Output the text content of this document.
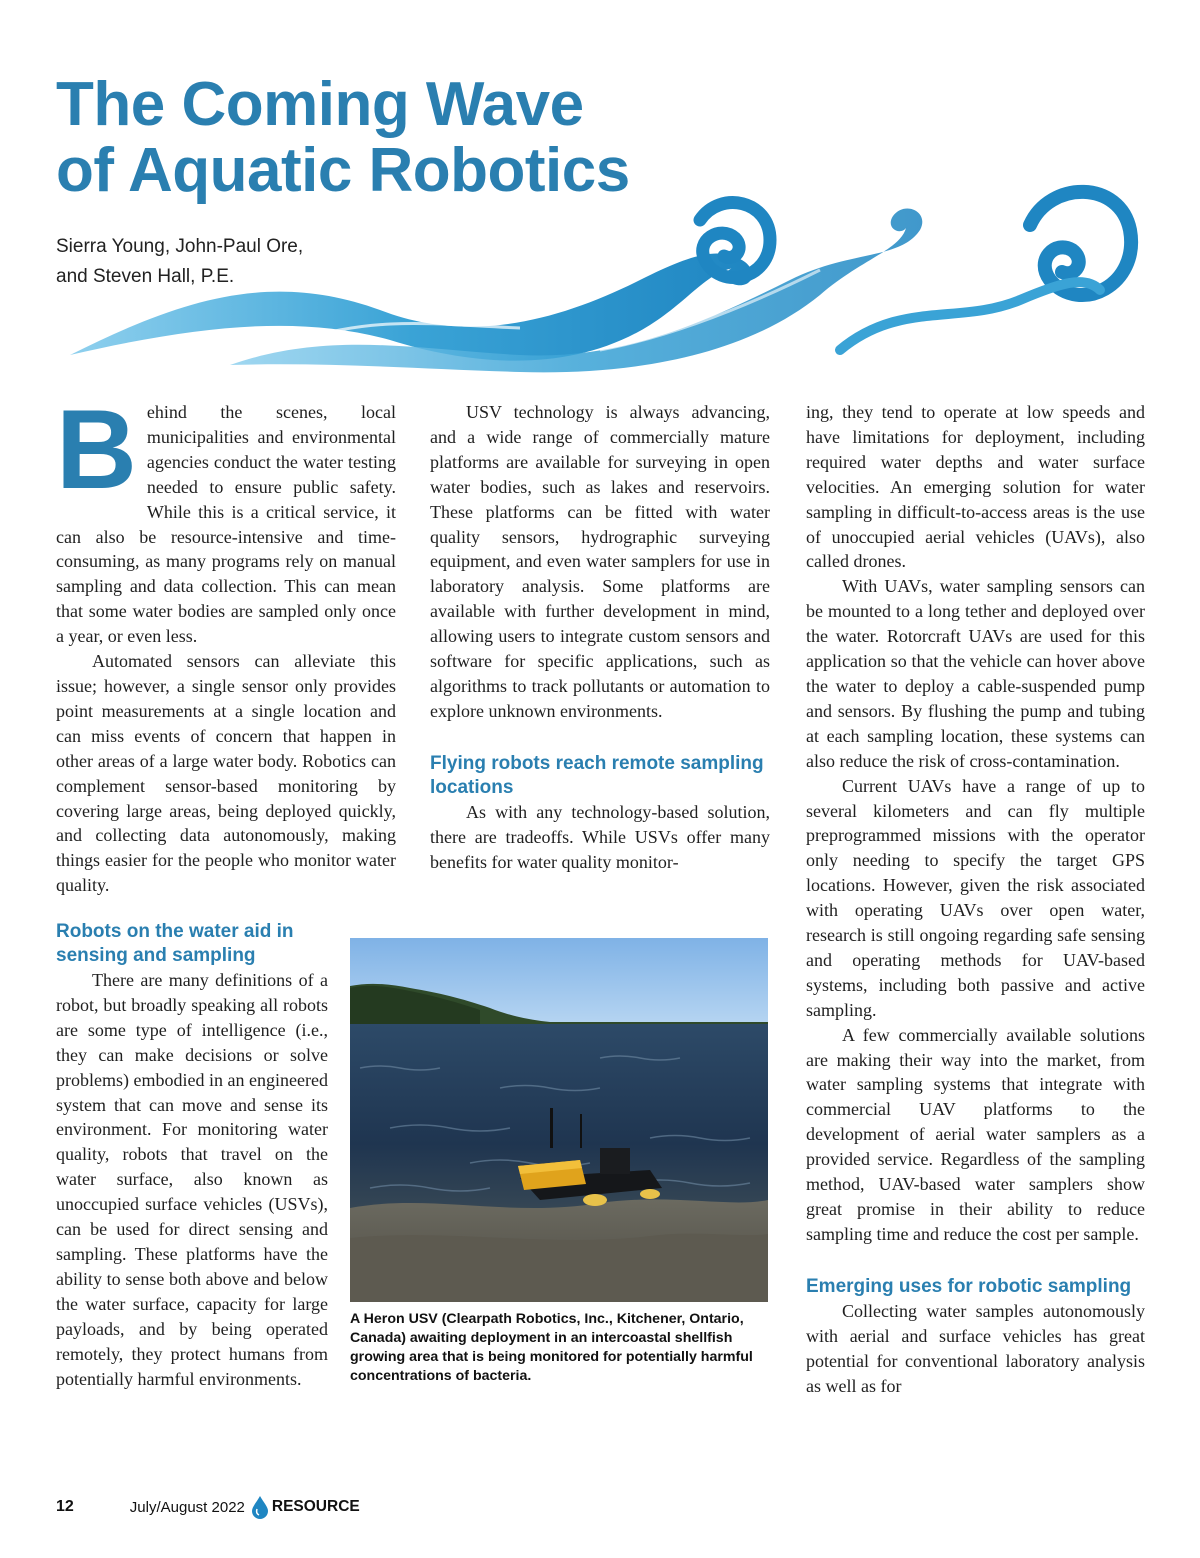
The Coming Wave
of Aquatic Robotics
Sierra Young, John-Paul Ore,
and Steven Hall, P.E.
B ehind the scenes, local municipalities and environmental agencies conduct the water testing needed to ensure public safety. While this is a critical service, it can also be resource-intensive and time-consuming, as many programs rely on manual sampling and data collection. This can mean that some water bodies are sampled only once a year, or even less.

Automated sensors can alleviate this issue; however, a single sensor only provides point measurements at a single location and can miss events of concern that happen in other areas of a large water body. Robotics can complement sensor-based monitoring by covering large areas, being deployed quickly, and collecting data autonomously, making things easier for the people who monitor water quality.

Robots on the water aid in sensing and sampling

There are many definitions of a robot, but broadly speaking all robots are some type of intelligence (i.e., they can make decisions or solve problems) embodied in an engineered system that can move and sense its environment. For monitoring water quality, robots that travel on the water surface, also known as unoccupied surface vehicles (USVs), can be used for direct sensing and sampling. These platforms have the ability to sense both above and below the water surface, capacity for large payloads, and by being operated remotely, they protect humans from potentially harmful environments.

USV technology is always advancing, and a wide range of commercially mature platforms are available for surveying in open water bodies, such as lakes and reservoirs. These platforms can be fitted with water quality sensors, hydrographic surveying equipment, and even water samplers for use in laboratory analysis. Some platforms are available with further development in mind, allowing users to integrate custom sensors and software for specific applications, such as algorithms to track pollutants or automation to explore unknown environments.

Flying robots reach remote sampling locations

As with any technology-based solution, there are tradeoffs. While USVs offer many benefits for water quality monitor-

ing, they tend to operate at low speeds and have limitations for deployment, including required water depths and water surface velocities. An emerging solution for water sampling in difficult-to-access areas is the use of unoccupied aerial vehicles (UAVs), also called drones.

With UAVs, water sampling sensors can be mounted to a long tether and deployed over the water. Rotorcraft UAVs are used for this application so that the vehicle can hover above the water to deploy a cable-suspended pump and sensors. By flushing the pump and tubing at each sampling location, these systems can also reduce the risk of cross-contamination.

Current UAVs have a range of up to several kilometers and can fly multiple preprogrammed missions with the operator only needing to specify the target GPS locations. However, given the risk associated with operating UAVs over open water, research is still ongoing regarding safe sensing and operating methods for UAV-based systems, including both passive and active sampling.

A few commercially available solutions are making their way into the market, from water sampling systems that integrate with commercial UAV platforms to the development of aerial water samplers as a provided service. Regardless of the sampling method, UAV-based water samplers show great promise in their ability to reduce sampling time and reduce the cost per sample.

Emerging uses for robotic sampling

Collecting water samples autonomously with aerial and surface vehicles has great potential for conventional laboratory analysis as well as for

A Heron USV (Clearpath Robotics, Inc., Kitchener, Ontario, Canada) awaiting deployment in an intercoastal shellfish growing area that is being monitored for potentially harmful concentrations of bacteria.
12	July/August 2022 RESOURCE
